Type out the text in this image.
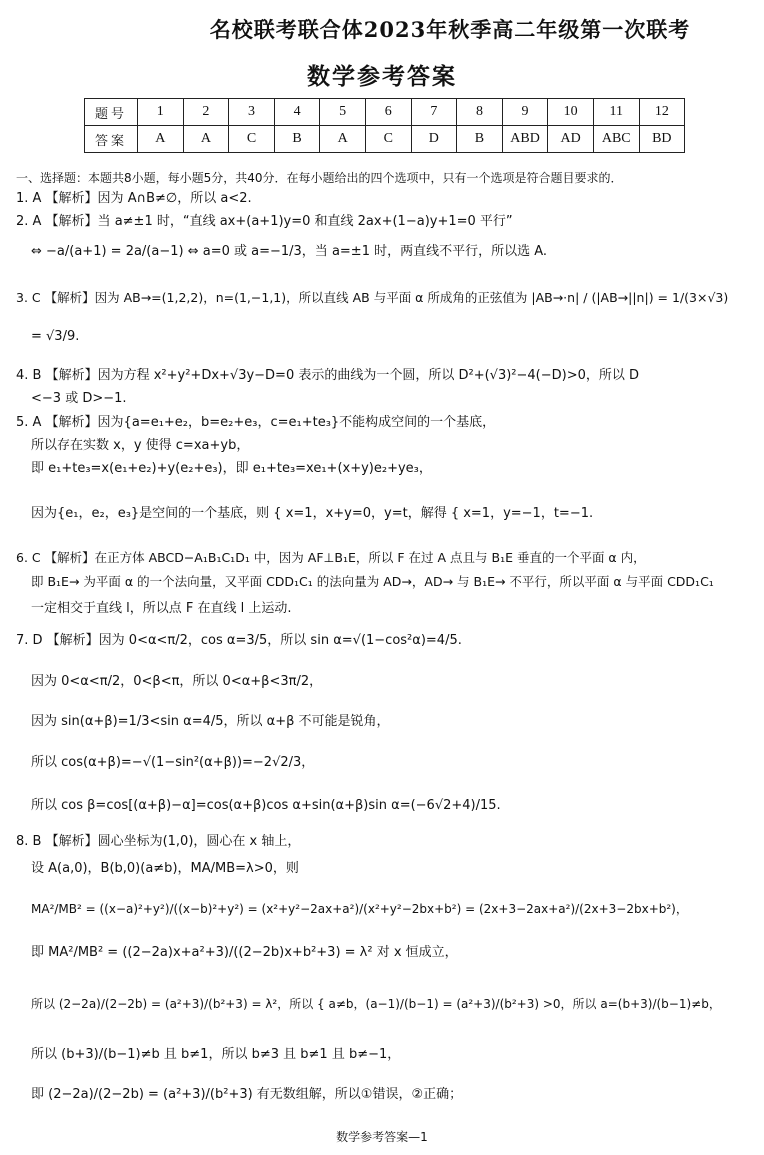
名校联考联合体2023年秋季高二年级第一次联考
数学参考答案
题号	1	2	3	4	5	6	7	8	9	10	11	12
答案	A	A	C	B	A	C	D	B	ABD	AD	ABC	BD
一、选择题：本题共8小题，每小题5分，共40分．在每小题给出的四个选项中，只有一个选项是符合题目要求的．
1. A 【解析】因为 A∩B≠∅，所以 a<2.
2. A 【解析】当 a≠±1 时，“直线 ax+(a+1)y=0 和直线 2ax+(1−a)y+1=0 平行”
⇔ −a/(a+1) = 2a/(a−1) ⇔ a=0 或 a=−1/3，当 a=±1 时，两直线不平行，所以选 A.
3. C 【解析】因为 AB→=(1,2,2)，n=(1,−1,1)，所以直线 AB 与平面 α 所成角的正弦值为 |AB→·n| / (|AB→||n|) = 1/(3×√3)
= √3/9.
4. B 【解析】因为方程 x²+y²+Dx+√3y−D=0 表示的曲线为一个圆，所以 D²+(√3)²−4(−D)>0，所以 D
<−3 或 D>−1.
5. A 【解析】因为{a=e₁+e₂，b=e₂+e₃，c=e₁+te₃}不能构成空间的一个基底，
所以存在实数 x，y 使得 c=xa+yb，
即 e₁+te₃=x(e₁+e₂)+y(e₂+e₃)，即 e₁+te₃=xe₁+(x+y)e₂+ye₃，
因为{e₁，e₂，e₃}是空间的一个基底，则 { x=1，x+y=0，y=t，解得 { x=1，y=−1，t=−1.
6. C 【解析】在正方体 ABCD−A₁B₁C₁D₁ 中，因为 AF⊥B₁E，所以 F 在过 A 点且与 B₁E 垂直的一个平面 α 内，
即 B₁E→ 为平面 α 的一个法向量，又平面 CDD₁C₁ 的法向量为 AD→，AD→ 与 B₁E→ 不平行，所以平面 α 与平面 CDD₁C₁
一定相交于直线 l，所以点 F 在直线 l 上运动.
7. D 【解析】因为 0<α<π/2，cos α=3/5，所以 sin α=√(1−cos²α)=4/5.
因为 0<α<π/2，0<β<π，所以 0<α+β<3π/2，
因为 sin(α+β)=1/3<sin α=4/5，所以 α+β 不可能是锐角，
所以 cos(α+β)=−√(1−sin²(α+β))=−2√2/3，
所以 cos β=cos[(α+β)−α]=cos(α+β)cos α+sin(α+β)sin α=(−6√2+4)/15.
8. B 【解析】圆心坐标为(1,0)，圆心在 x 轴上，
设 A(a,0)，B(b,0)(a≠b)，MA/MB=λ>0，则
MA²/MB² = ((x−a)²+y²)/((x−b)²+y²) = (x²+y²−2ax+a²)/(x²+y²−2bx+b²) = (2x+3−2ax+a²)/(2x+3−2bx+b²)，
即 MA²/MB² = ((2−2a)x+a²+3)/((2−2b)x+b²+3) = λ² 对 x 恒成立，
所以 (2−2a)/(2−2b) = (a²+3)/(b²+3) = λ²，所以 { a≠b，(a−1)/(b−1) = (a²+3)/(b²+3) >0，所以 a=(b+3)/(b−1)≠b，
所以 (b+3)/(b−1)≠b 且 b≠1，所以 b≠3 且 b≠1 且 b≠−1，
即 (2−2a)/(2−2b) = (a²+3)/(b²+3) 有无数组解，所以①错误，②正确；
数学参考答案—1
